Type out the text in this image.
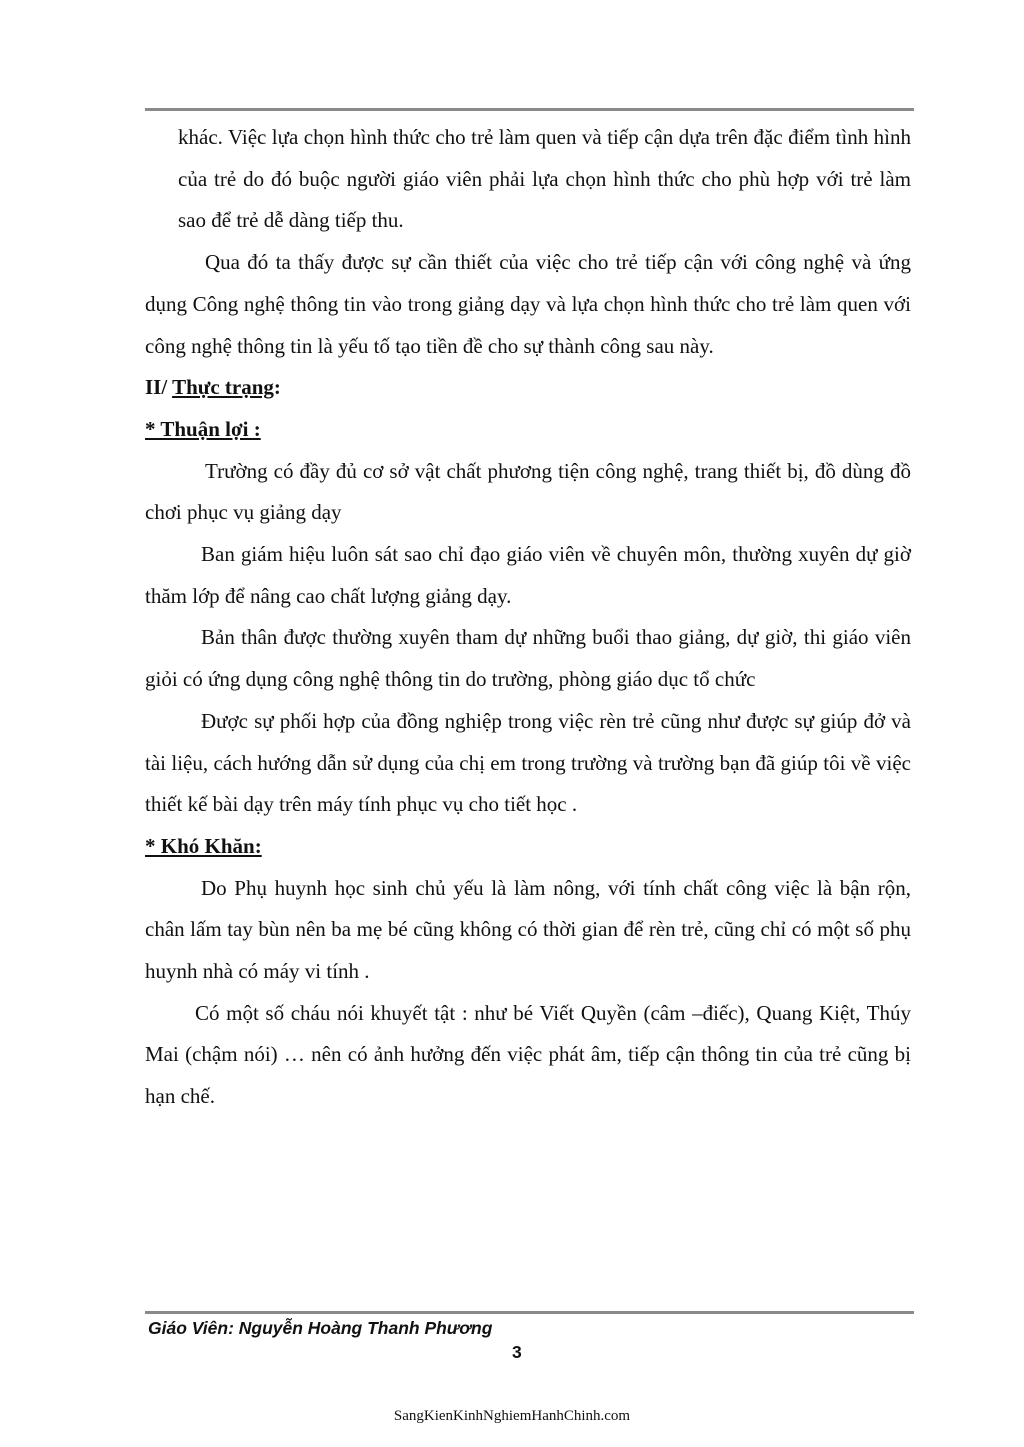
khác. Việc lựa chọn hình thức cho trẻ làm quen và tiếp cận dựa trên đặc điểm tình hình của trẻ do đó buộc người giáo viên phải lựa chọn hình thức cho phù hợp với trẻ làm sao để trẻ dễ dàng tiếp thu.

Qua đó ta thấy được sự cần thiết của việc cho trẻ tiếp cận với công nghệ và ứng dụng Công nghệ thông tin vào trong giảng dạy và lựa chọn hình thức cho trẻ làm quen với công nghệ thông tin là yếu tố tạo tiền đề cho sự thành công sau này.

II/ Thực trạng:

* Thuận lợi :

Trường có đầy đủ cơ sở vật chất phương tiện công nghệ, trang thiết bị, đồ dùng đồ chơi phục vụ giảng dạy

Ban giám hiệu luôn sát sao chỉ đạo giáo viên về chuyên môn, thường xuyên dự giờ thăm lớp để nâng cao chất lượng giảng dạy.

Bản thân được thường xuyên tham dự những buổi thao giảng, dự giờ, thi giáo viên giỏi có ứng dụng công nghệ thông tin do trường, phòng giáo dục tổ chức

Được sự phối hợp của đồng nghiệp trong việc rèn trẻ cũng như được sự giúp đở và tài liệu, cách hướng dẫn sử dụng của chị em trong trường và trường bạn đã giúp tôi về việc thiết kế bài dạy trên máy tính phục vụ cho tiết học .

* Khó Khăn:

Do Phụ huynh học sinh chủ yếu là làm nông, với tính chất công việc là bận rộn, chân lấm tay bùn nên ba mẹ bé cũng không có thời gian để rèn trẻ, cũng chỉ có một số phụ huynh nhà có máy vi tính .

Có một số cháu nói khuyết tật : như bé Viết Quyền (câm –điếc), Quang Kiệt, Thúy Mai (chậm nói) … nên có ảnh hưởng đến việc phát âm, tiếp cận thông tin của trẻ cũng bị hạn chế.

Giáo Viên: Nguyễn Hoàng Thanh Phương
3
SangKienKinhNghiemHanhChinh.com
